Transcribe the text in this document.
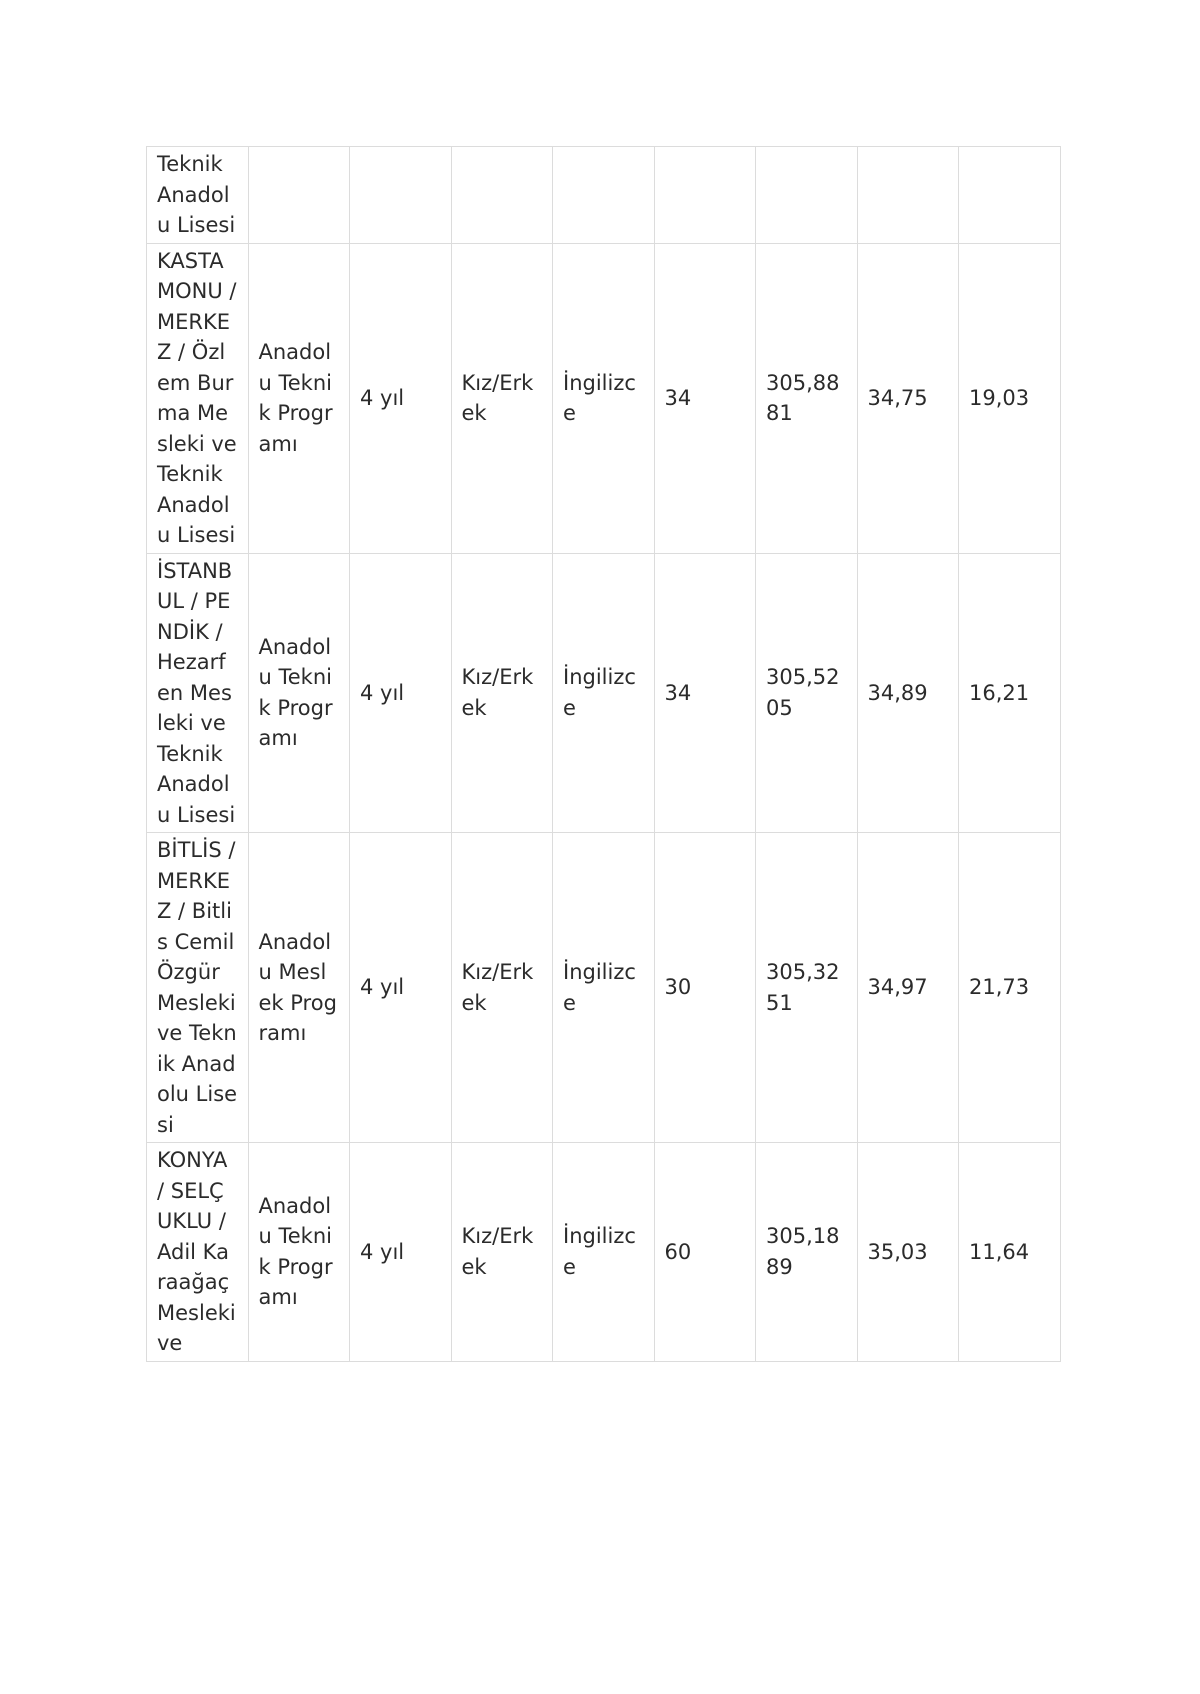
Teknik Anadolu Lisesi								
KASTAMONU / MERKEZ / Özlem Burma Mesleki ve Teknik Anadolu Lisesi	Anadolu Teknik Programı	4 yıl	Kız/Erkek	İngilizce	34	305,8881	34,75	19,03
İSTANBUL / PENDİK / Hezarfen Mesleki ve Teknik Anadolu Lisesi	Anadolu Teknik Programı	4 yıl	Kız/Erkek	İngilizce	34	305,5205	34,89	16,21
BİTLİS / MERKEZ / Bitlis Cemil Özgür Mesleki ve Teknik Anadolu Lisesi	Anadolu Meslek Programı	4 yıl	Kız/Erkek	İngilizce	30	305,3251	34,97	21,73
KONYA / SELÇUKLU / Adil Karaağaç Mesleki ve	Anadolu Teknik Programı	4 yıl	Kız/Erkek	İngilizce	60	305,1889	35,03	11,64
